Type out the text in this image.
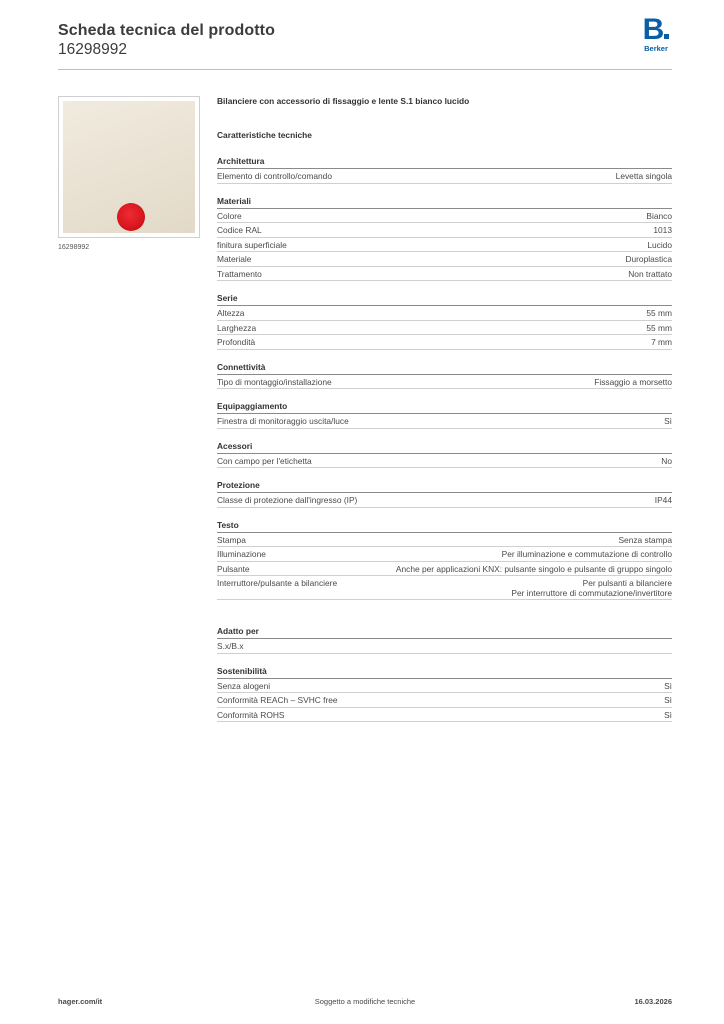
Scheda tecnica del prodotto
16298992
B
Berker
16298992
Bilanciere con accessorio di fissaggio e lente S.1 bianco lucido
Caratteristiche tecniche
Architettura
Elemento di controllo/comando	Levetta singola
Materiali
Colore	Bianco
Codice RAL	1013
finitura superficiale	Lucido
Materiale	Duroplastica
Trattamento	Non trattato
Serie
Altezza	55 mm
Larghezza	55 mm
Profondità	7 mm
Connettività
Tipo di montaggio/installazione	Fissaggio a morsetto
Equipaggiamento
Finestra di monitoraggio uscita/luce	Sì
Acessori
Con campo per l'etichetta	No
Protezione
Classe di protezione dall'ingresso (IP)	IP44
Testo
Stampa	Senza stampa
Illuminazione	Per illuminazione e commutazione di controllo
Pulsante	Anche per applicazioni KNX: pulsante singolo e pulsante di gruppo singolo
Interruttore/pulsante a bilanciere	Per pulsanti a bilanciere
Per interruttore di commutazione/invertitore
Adatto per
S.x/B.x
Sostenibilità
Senza alogeni	Sì
Conformità REACh – SVHC free	Sì
Conformità ROHS	Sì
hager.com/it	Soggetto a modifiche tecniche	16.03.2026
